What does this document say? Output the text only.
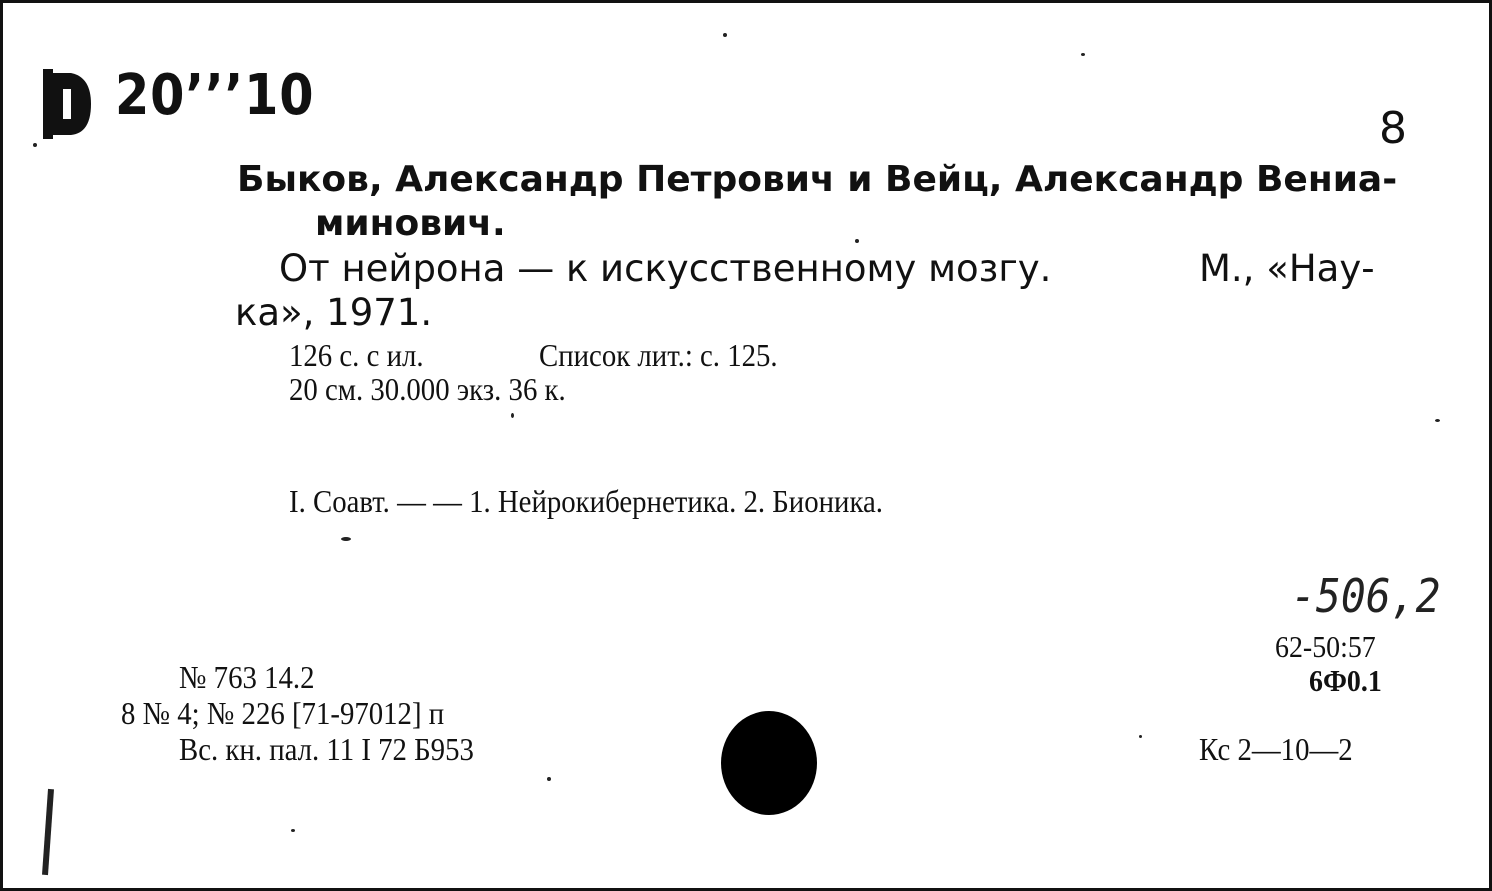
20’’’10
8
Быков, Александр Петрович и Вейц, Александр Вениа-
минович.
От нейрона — к искусственному мозгу.	М., «Нау-
ка», 1971.
126 с. с ил.	Список лит.: с. 125.
20 см. 30.000 экз. 36 к.
I. Соавт. — — 1. Нейрокибернетика. 2. Бионика.
-506,2
62-50:57
6Ф0.1
№ 763 14.2
8 № 4; № 226 [71-97012] п
Вс. кн. пал. 11 I 72 Б953	Кс 2—10—2
